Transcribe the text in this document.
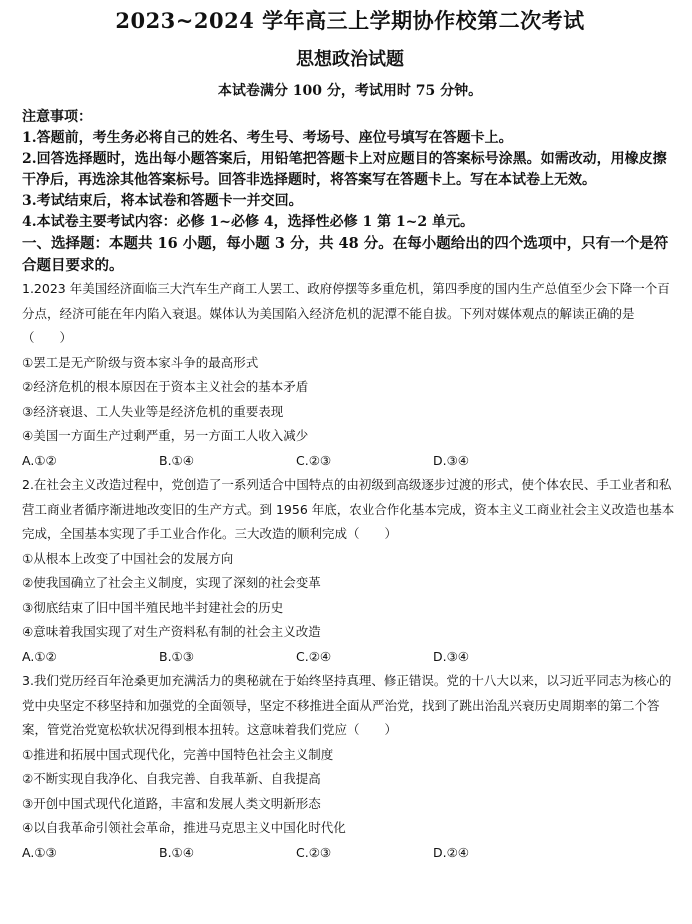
2023~2024 学年高三上学期协作校第二次考试
思想政治试题
本试卷满分 100 分，考试用时 75 分钟。
注意事项：
1.答题前，考生务必将自己的姓名、考生号、考场号、座位号填写在答题卡上。
2.回答选择题时，选出每小题答案后，用铅笔把答题卡上对应题目的答案标号涂黑。如需改动，用橡皮擦干净后，再选涂其他答案标号。回答非选择题时，将答案写在答题卡上。写在本试卷上无效。
3.考试结束后，将本试卷和答题卡一并交回。
4.本试卷主要考试内容：必修 1~必修 4，选择性必修 1 第 1~2 单元。
一、选择题：本题共 16 小题，每小题 3 分，共 48 分。在每小题给出的四个选项中，只有一个是符合题目要求的。
1.2023 年美国经济面临三大汽车生产商工人罢工、政府停摆等多重危机，第四季度的国内生产总值至少会下降一个百分点，经济可能在年内陷入衰退。媒体认为美国陷入经济危机的泥潭不能自拔。下列对媒体观点的解读正确的是（　　）
①罢工是无产阶级与资本家斗争的最高形式
②经济危机的根本原因在于资本主义社会的基本矛盾
③经济衰退、工人失业等是经济危机的重要表现
④美国一方面生产过剩严重，另一方面工人收入减少
A.①②	B.①④	C.②③	D.③④
2.在社会主义改造过程中，党创造了一系列适合中国特点的由初级到高级逐步过渡的形式，使个体农民、手工业者和私营工商业者循序渐进地改变旧的生产方式。到 1956 年底，农业合作化基本完成，资本主义工商业社会主义改造也基本完成，全国基本实现了手工业合作化。三大改造的顺利完成（　　）
①从根本上改变了中国社会的发展方向
②使我国确立了社会主义制度，实现了深刻的社会变革
③彻底结束了旧中国半殖民地半封建社会的历史
④意味着我国实现了对生产资料私有制的社会主义改造
A.①②	B.①③	C.②④	D.③④
3.我们党历经百年沧桑更加充满活力的奥秘就在于始终坚持真理、修正错误。党的十八大以来，以习近平同志为核心的党中央坚定不移坚持和加强党的全面领导，坚定不移推进全面从严治党，找到了跳出治乱兴衰历史周期率的第二个答案，管党治党宽松软状况得到根本扭转。这意味着我们党应（　　）
①推进和拓展中国式现代化，完善中国特色社会主义制度
②不断实现自我净化、自我完善、自我革新、自我提高
③开创中国式现代化道路，丰富和发展人类文明新形态
④以自我革命引领社会革命，推进马克思主义中国化时代化
A.①③	B.①④	C.②③	D.②④
